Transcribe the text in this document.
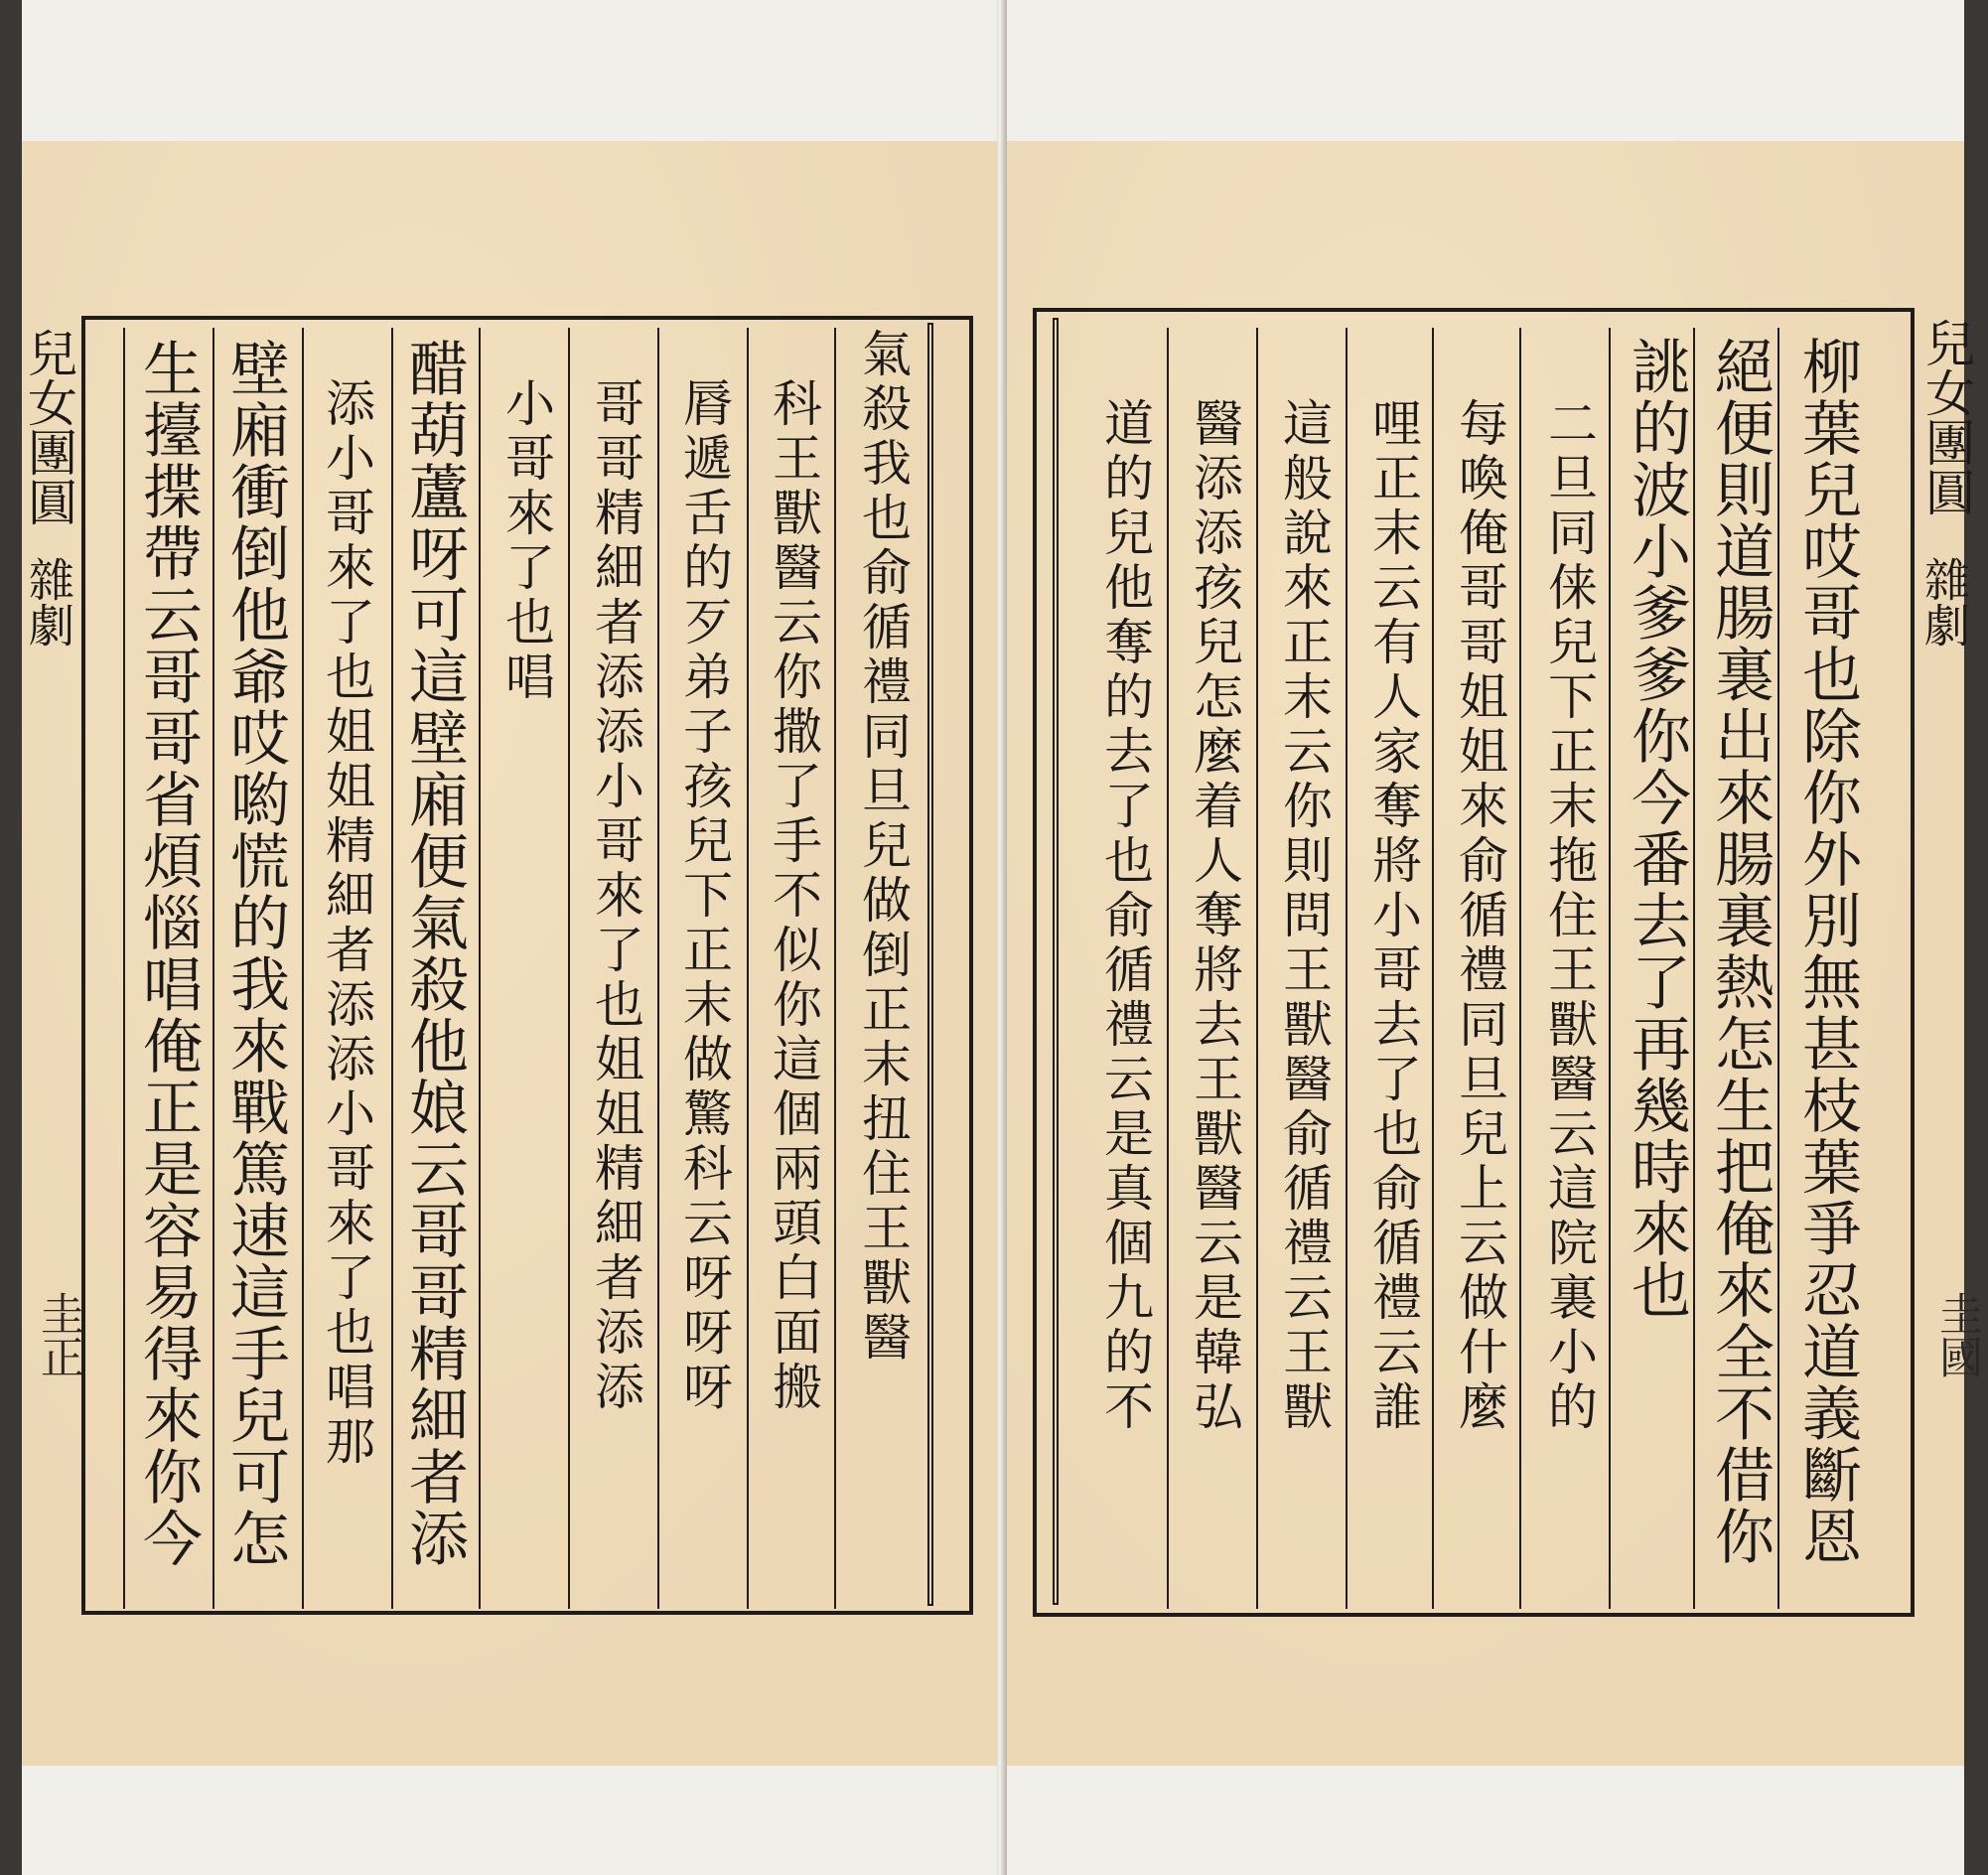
兒女團圓
雜劇
圭國
柳葉兒哎哥也除你外別無甚枝葉爭忍道義斷恩
絕便則道腸裏出來腸裏熱怎生把俺來全不借你
誂的波小爹爹你今番去了再幾時來也
二旦同俫兒下正末拖住王獸醫云這院裏小的
每喚俺哥哥姐姐來俞循禮同旦兒上云做什麼
哩正末云有人家奪將小哥去了也俞循禮云誰
這般說來正末云你則問王獸醫俞循禮云王獸
醫添添孩兒怎麼着人奪將去王獸醫云是韓弘
道的兒他奪的去了也俞循禮云是真個九的不
兒女團圓
雜劇
圭正	氣殺我也俞循禮同旦兒做倒正末扭住王獸醫
科王獸醫云你撒了手不似你這個兩頭白面搬
脣遞舌的歹弟子孩兒下正末做驚科云呀呀呀
哥哥精細者添添小哥來了也姐姐精細者添添
小哥來了也唱
醋葫蘆呀可這壁廂便氣殺他娘云哥哥精細者添
添小哥來了也姐姐精細者添添小哥來了也唱那
壁廂衝倒他爺哎喲慌的我來戰篤速這手兒可怎
生擡揲帶云哥哥省煩惱唱俺正是容易得來你今
